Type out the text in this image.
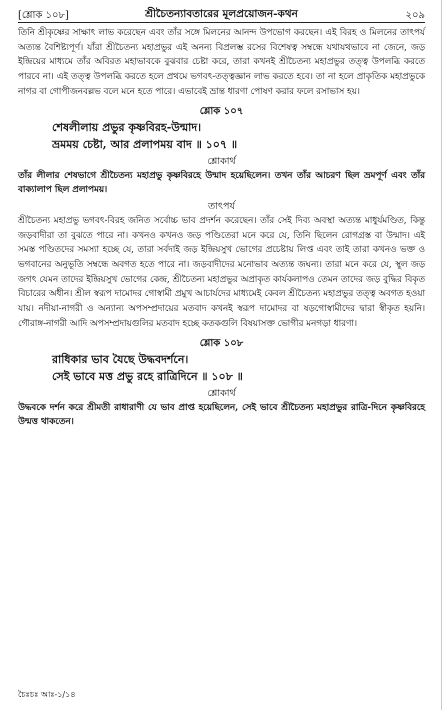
[শ্লোক ১০৮]	শ্রীচৈতন্যাবতারের মূলপ্রয়োজন-কথন	২০৯

তিনি শ্রীকৃষ্ণের সাক্ষাৎ লাভ করেছেন এবং তাঁর সঙ্গে মিলনের আনন্দ উপভোগ করছেন। এই বিরহ ও মিলনের তাৎপর্য অত্যন্ত বৈশিষ্ট্যপূর্ণ। যাঁরা শ্রীচৈতন্য মহাপ্রভুর এই অনন্য বিপ্রলম্ভ রসের বিশেষত্ব সম্বন্ধে যথাযথভাবে না জেনে, জড় ইন্দ্রিয়ের মাধ্যমে তাঁর অবিরত মহাভাবকে বুঝবার চেষ্টা করে, তারা কখনই শ্রীচৈতন্য মহাপ্রভুর তত্ত্ব উপলব্ধি করতে পারবে না। এই তত্ত্ব উপলব্ধি করতে হলে প্রথমে ভগবৎ-তত্ত্বজ্ঞান লাভ করতে হবে। তা না হলে প্রাকৃতিক মহাপ্রভুকে নাগর বা গোপীজনবল্লভ বলে মনে হতে পারে। এভাবেই ভ্রান্ত ধারণা পোষণ করার ফলে রসাভাস হয়।

শ্লোক ১০৭

শেষলীলায় প্রভুর কৃষ্ণবিরহ-উন্মাদ।

ভ্রমময় চেষ্টা, আর প্রলাপময় বাদ ॥ ১০৭ ॥

শ্লোকার্থ

তাঁর লীলার শেষভাগে শ্রীচৈতন্য মহাপ্রভু কৃষ্ণবিরহে উন্মাদ হয়েছিলেন। তখন তাঁর আচরণ ছিল ভ্রমপূর্ণ এবং তাঁর বাক্যালাপ ছিল প্রলাপময়।

তাৎপর্য

শ্রীচৈতন্য মহাপ্রভু ভগবৎ-বিরহ জনিত সর্বোচ্চ ভাব প্রদর্শন করেছেন। তাঁর সেই দিব্য অবস্থা অত্যন্ত মাধুর্যমণ্ডিত, কিন্তু জড়বাদীরা তা বুঝতে পারে না। কখনও কখনও জড় পণ্ডিতেরা মনে করে যে, তিনি ছিলেন রোগগ্রস্ত বা উন্মাদ। এই সমস্ত পণ্ডিতদের সমস্যা হচ্ছে যে, তারা সর্বদাই জড় ইন্দ্রিয়সুখ ভোগের প্রচেষ্টায় লিপ্ত এবং তাই তারা কখনও ভক্ত ও ভগবানের অনুভূতি সম্বন্ধে অবগত হতে পারে না। জড়বাদীদের মনোভাব অত্যন্ত জঘন্য। তারা মনে করে যে, স্থূল জড় জগৎ যেমন তাদের ইন্দ্রিয়সুখ ভোগের কেন্দ্র, শ্রীচৈতন্য মহাপ্রভুর অপ্রাকৃত কার্যকলাপও তেমন তাদের জড় বুদ্ধির বিকৃত বিচারের অধীন। শ্রীল স্বরূপ দামোদর গোস্বামী প্রমুখ আচার্যদের মাধ্যমেই কেবল শ্রীচৈতন্য মহাপ্রভুর তত্ত্ব অবগত হওয়া যায়। নদীয়া-নাগরী ও অন্যান্য অপসম্প্রদায়ের মতবাদ কখনই স্বরূপ দামোদর বা ষড়গোস্বামীদের দ্বারা স্বীকৃত হয়নি। গৌরাঙ্গ-নাগরী আদি অপসম্প্রদায়গুলির মতবাদ হচ্ছে কতকগুলি বিষয়াসক্ত ভোগীর মনগড়া ধারণা।

শ্লোক ১০৮

রাধিকার ভাব যৈছে উদ্ধবদর্শনে।

সেই ভাবে মত্ত প্রভু রহে রাত্রিদিনে ॥ ১০৮ ॥

শ্লোকার্থ

উদ্ধবকে দর্শন করে শ্রীমতী রাধারাণী যে ভাব প্রাপ্ত হয়েছিলেন, সেই ভাবে শ্রীচৈতন্য মহাপ্রভুর রাত্রি-দিনে কৃষ্ণবিরহে উন্মত্ত থাকতেন।

চৈঃচঃ আঃ-১/১৪
